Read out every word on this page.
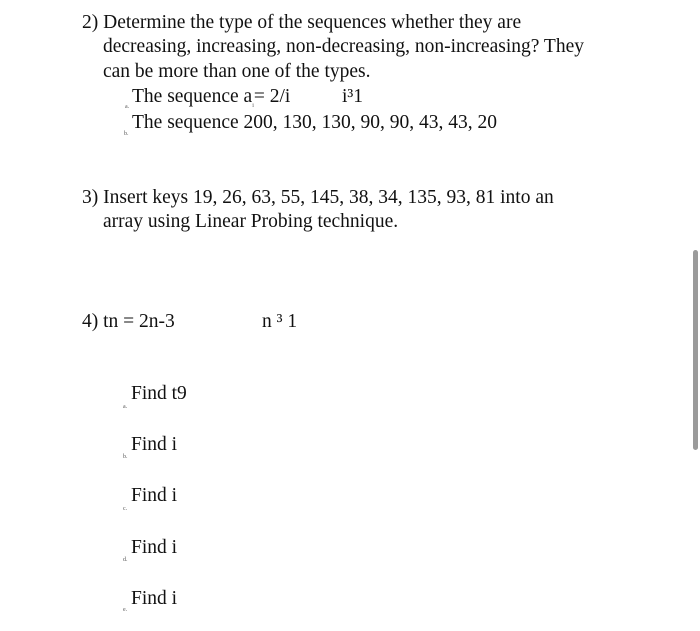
2) Determine the type of the sequences whether they are
decreasing, increasing, non-decreasing, non-increasing? They
can be more than one of the types.
a. The sequence $a_i= 2/i$	i³1
b.
The sequence 200, 130, 130, 90, 90, 43, 43, 20
3) Insert keys 19, 26, 63, 55, 145, 38, 34, 135, 93, 81 into an
array using Linear Probing technique.
4) tn = 2n-3	n ³ 1
a.
Find t9
b.
Find i
c.
Find i
d.
Find i
e.
Find i
